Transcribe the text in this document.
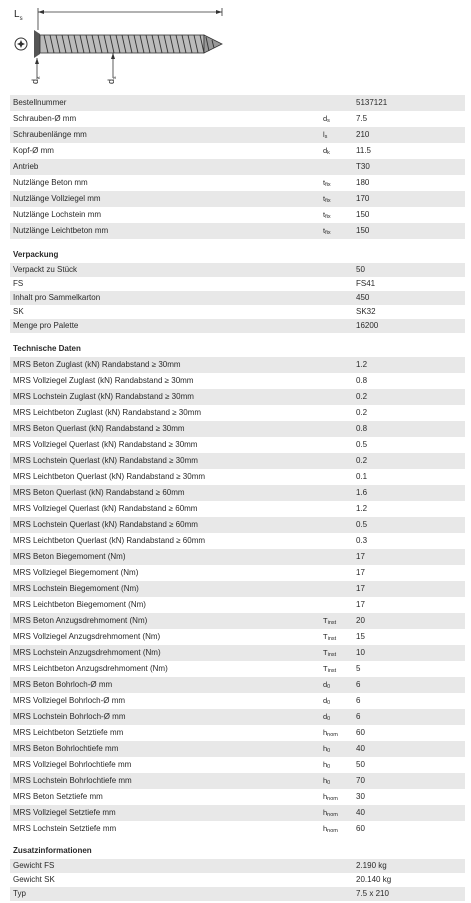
$L_s$
$d_k$
$d_s$
Bestellnummer	5137121
Schrauben-Ø mm	$d_s$	7.5
Schraubenlänge mm	$l_s$	210
Kopf-Ø mm	$d_k$	11.5
Antrieb	T30
Nutzlänge Beton mm	$t_{fix}$	180
Nutzlänge Vollziegel mm	$t_{fix}$	170
Nutzlänge Lochstein mm	$t_{fix}$	150
Nutzlänge Leichtbeton mm	$t_{fix}$	150
Verpackung
Verpackt zu Stück	50
FS	FS41
Inhalt pro Sammelkarton	450
SK	SK32
Menge pro Palette	16200
Technische Daten
MRS Beton Zuglast (kN) Randabstand ≥ 30mm	1.2
MRS Vollziegel Zuglast (kN) Randabstand ≥ 30mm	0.8
MRS Lochstein Zuglast (kN) Randabstand ≥ 30mm	0.2
MRS Leichtbeton Zuglast (kN) Randabstand ≥ 30mm	0.2
MRS Beton Querlast (kN) Randabstand ≥ 30mm	0.8
MRS Vollziegel Querlast (kN) Randabstand ≥ 30mm	0.5
MRS Lochstein Querlast (kN) Randabstand ≥ 30mm	0.2
MRS Leichtbeton Querlast (kN) Randabstand ≥ 30mm	0.1
MRS Beton Querlast (kN) Randabstand ≥ 60mm	1.6
MRS Vollziegel Querlast (kN) Randabstand ≥ 60mm	1.2
MRS Lochstein Querlast (kN) Randabstand ≥ 60mm	0.5
MRS Leichtbeton Querlast (kN) Randabstand ≥ 60mm	0.3
MRS Beton Biegemoment (Nm)	17
MRS Vollziegel Biegemoment (Nm)	17
MRS Lochstein Biegemoment (Nm)	17
MRS Leichtbeton Biegemoment (Nm)	17
MRS Beton Anzugsdrehmoment (Nm)	$T_{inst}$ 20
MRS Vollziegel Anzugsdrehmoment (Nm)	$T_{inst}$ 15
MRS Lochstein Anzugsdrehmoment (Nm)	$T_{inst}$ 10
MRS Leichtbeton Anzugsdrehmoment (Nm)	$T_{inst}$ 5
MRS Beton Bohrloch-Ø mm	$d_0$	6
MRS Vollziegel Bohrloch-Ø mm	$d_0$	6
MRS Lochstein Bohrloch-Ø mm	$d_0$	6
MRS Leichtbeton Setztiefe mm	$h_{nom}$ 60
MRS Beton Bohrlochtiefe mm	$h_0$	40
MRS Vollziegel Bohrlochtiefe mm	$h_0$	50
MRS Lochstein Bohrlochtiefe mm	$h_0$	70
MRS Beton Setztiefe mm	$h_{nom}$ 30
MRS Vollziegel Setztiefe mm	$h_{nom}$ 40
MRS Lochstein Setztiefe mm	$h_{nom}$ 60
Zusatzinformationen
Gewicht FS	2.190 kg
Gewicht SK	20.140 kg
Typ	7.5 x 210
